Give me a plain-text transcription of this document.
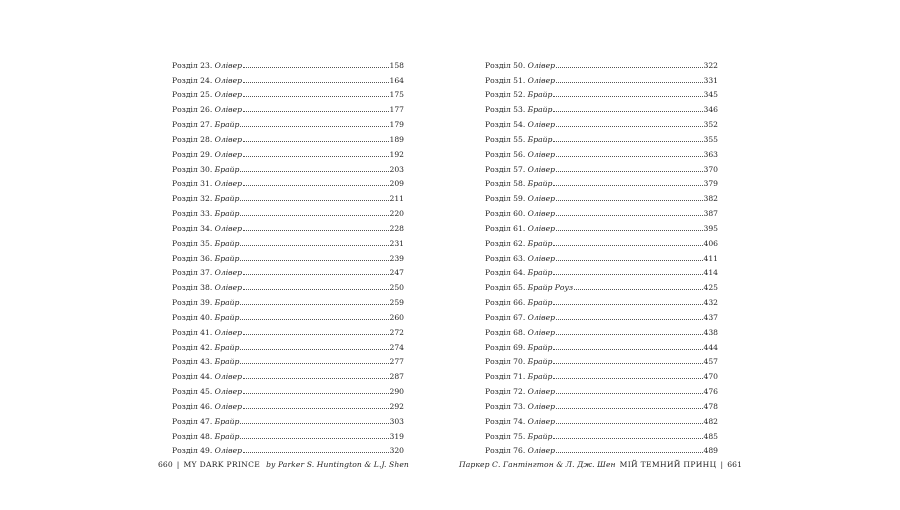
Розділ 23. Олівер	158
Розділ 24. Олівер	164
Розділ 25. Олівер	175
Розділ 26. Олівер	177
Розділ 27. Брайр	179
Розділ 28. Олівер	189
Розділ 29. Олівер	192
Розділ 30. Брайр	203
Розділ 31. Олівер	209
Розділ 32. Брайр	211
Розділ 33. Брайр	220
Розділ 34. Олівер	228
Розділ 35. Брайр	231
Розділ 36. Брайр	239
Розділ 37. Олівер	247
Розділ 38. Олівер	250
Розділ 39. Брайр	259
Розділ 40. Брайр	260
Розділ 41. Олівер	272
Розділ 42. Брайр	274
Розділ 43. Брайр	277
Розділ 44. Олівер	287
Розділ 45. Олівер	290
Розділ 46. Олівер	292
Розділ 47. Брайр	303
Розділ 48. Брайр	319
Розділ 49. Олівер	320
660 | MY DARK PRINCE by Parker S. Huntington & L.J. Shen
Розділ 50. Олівер	322
Розділ 51. Олівер	331
Розділ 52. Брайр	345
Розділ 53. Брайр	346
Розділ 54. Олівер	352
Розділ 55. Брайр	355
Розділ 56. Олівер	363
Розділ 57. Олівер	370
Розділ 58. Брайр	379
Розділ 59. Олівер	382
Розділ 60. Олівер	387
Розділ 61. Олівер	395
Розділ 62. Брайр	406
Розділ 63. Олівер	411
Розділ 64. Брайр	414
Розділ 65. Брайр Роуз	425
Розділ 66. Брайр	432
Розділ 67. Олівер	437
Розділ 68. Олівер	438
Розділ 69. Брайр	444
Розділ 70. Брайр	457
Розділ 71. Брайр	470
Розділ 72. Олівер	476
Розділ 73. Олівер	478
Розділ 74. Олівер	482
Розділ 75. Брайр	485
Розділ 76. Олівер	489
Паркер С. Гантінгтон & Л. Дж. Шен МІЙ ТЕМНИЙ ПРИНЦ | 661
